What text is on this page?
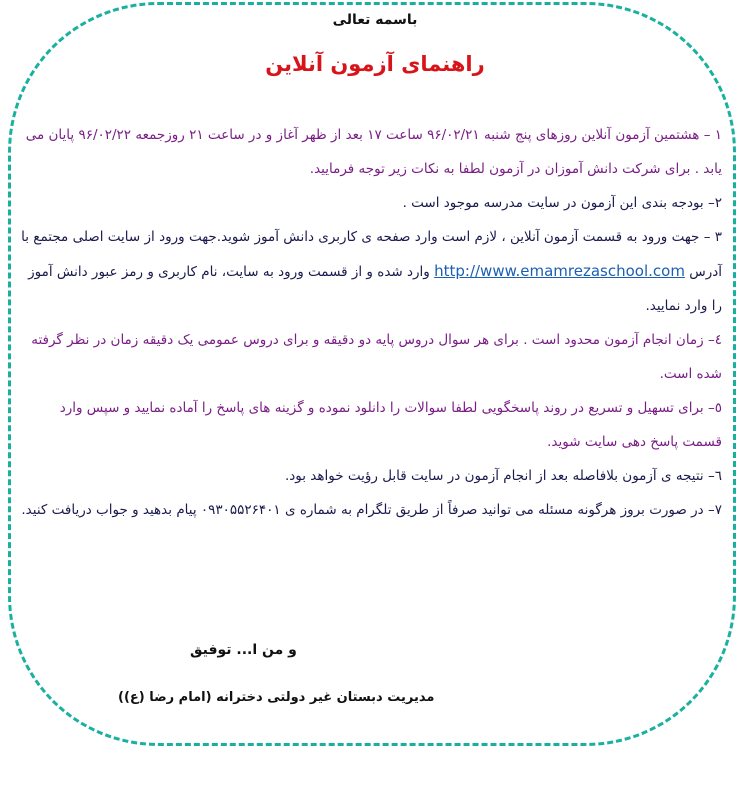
باسمه تعالی
راهنمای آزمون آنلاین

۱ – هشتمین آزمون آنلاین روزهای پنج شنبه ۹۶/۰۲/۲۱ ساعت ۱۷ بعد از ظهر آغاز و در ساعت ۲۱ روزجمعه ۹۶/۰۲/۲۲ پایان می یابد . برای شرکت دانش آموزان در آزمون لطفا به نکات زیر توجه فرمایید.

۲– بودجه بندی این آزمون در سایت مدرسه موجود است .

۳ – جهت ورود به قسمت آزمون آنلاین ، لازم است وارد صفحه ی کاربری دانش آموز شوید.جهت ورود از سایت اصلی مجتمع با آدرس http://www.emamrezaschool.com وارد شده و از قسمت ورود به سایت، نام کاربری و رمز عبور دانش آموز را وارد نمایید.

٤– زمان انجام آزمون محدود است . برای هر سوال دروس پایه دو دقیقه و برای دروس عمومی یک دقیقه زمان در نظر گرفته شده است.

٥– برای تسهیل و تسریع در روند پاسخگویی لطفا سوالات را دانلود نموده و گزینه های پاسخ را آماده نمایید و سپس وارد قسمت پاسخ دهی سایت شوید.

٦– نتیجه ی آزمون بلافاصله بعد از انجام آزمون در سایت قابل رؤیت خواهد بود.

۷– در صورت بروز هرگونه مسئله می توانید صرفاً از طریق تلگرام به شماره ی ۰۹۳۰۵۵۲۶۴۰۱ پیام بدهید و جواب دریافت کنید.

و من ا... توفیق
مدیریت دبستان غیر دولتی دخترانه (امام رضا (ع))
